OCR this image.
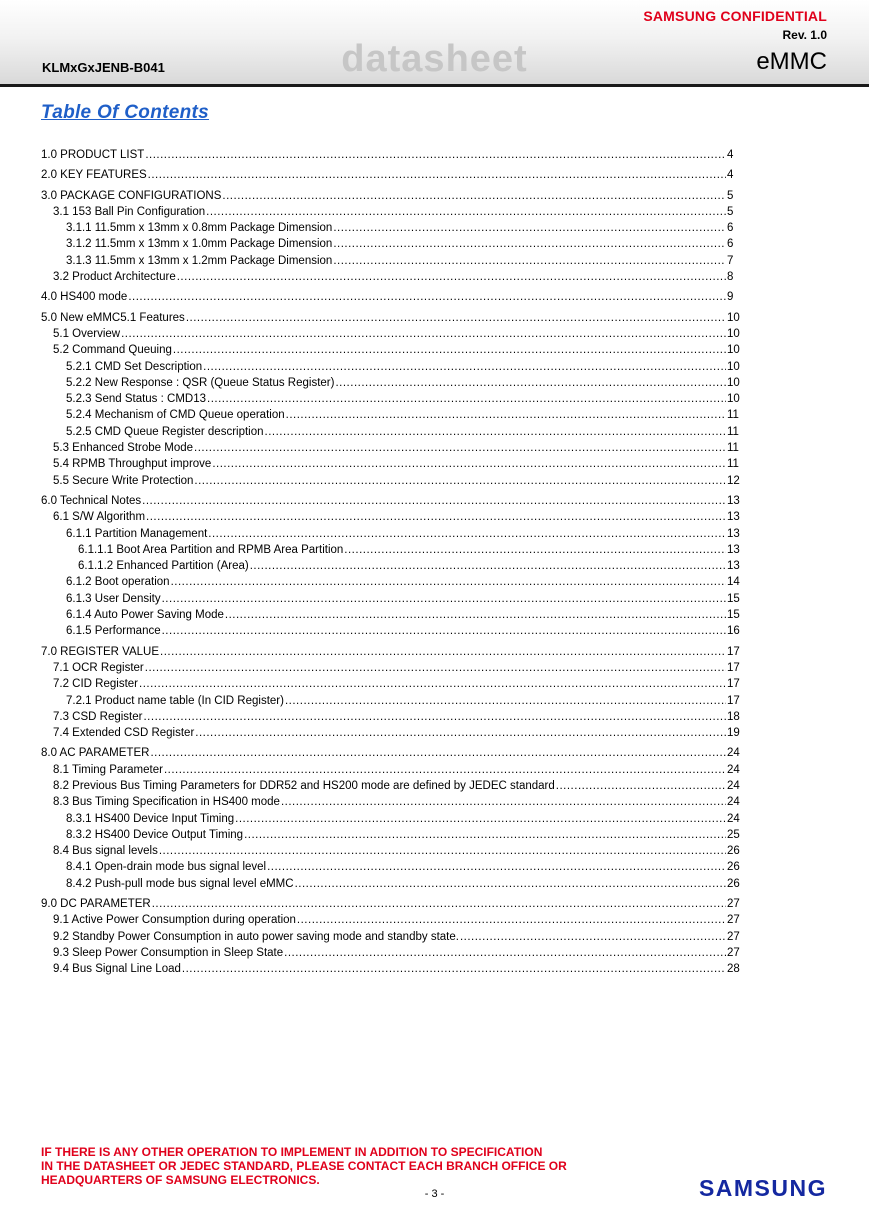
SAMSUNG CONFIDENTIAL
Rev. 1.0
KLMxGxJENB-B041	datasheet	eMMC
Table Of Contents
1.0 PRODUCT LIST .....	4
2.0 KEY FEATURES .....	4
3.0 PACKAGE CONFIGURATIONS .....	5
3.1 153 Ball Pin Configuration .....	5
3.1.1 11.5mm x 13mm x 0.8mm Package Dimension .....	6
3.1.2 11.5mm x 13mm x 1.0mm Package Dimension .....	6
3.1.3 11.5mm x 13mm x 1.2mm Package Dimension .....	7
3.2 Product Architecture .....	8
4.0 HS400 mode .....	9
5.0 New eMMC5.1 Features .....	10
5.1 Overview .....	10
5.2 Command Queuing .....	10
5.2.1 CMD Set Description .....	10
5.2.2 New Response : QSR (Queue Status Register) .....	10
5.2.3 Send Status : CMD13 .....	10
5.2.4 Mechanism of CMD Queue operation .....	11
5.2.5 CMD Queue Register description .....	11
5.3 Enhanced Strobe Mode .....	11
5.4 RPMB Throughput improve .....	11
5.5 Secure Write Protection .....	12
6.0 Technical Notes .....	13
6.1 S/W Algorithm .....	13
6.1.1 Partition Management .....	13
6.1.1.1 Boot Area Partition and RPMB Area Partition .....	13
6.1.1.2 Enhanced Partition (Area) .....	13
6.1.2 Boot operation .....	14
6.1.3 User Density .....	15
6.1.4 Auto Power Saving Mode .....	15
6.1.5 Performance .....	16
7.0 REGISTER VALUE .....	17
7.1 OCR Register .....	17
7.2 CID Register .....	17
7.2.1 Product name table (In CID Register) .....	17
7.3 CSD Register .....	18
7.4 Extended CSD Register .....	19
8.0 AC PARAMETER .....	24
8.1 Timing Parameter .....	24
8.2 Previous Bus Timing Parameters for DDR52 and HS200 mode are defined by JEDEC standard .....	24
8.3 Bus Timing Specification in HS400 mode .....	24
8.3.1 HS400 Device Input Timing .....	24
8.3.2 HS400 Device Output Timing .....	25
8.4 Bus signal levels .....	26
8.4.1 Open-drain mode bus signal level .....	26
8.4.2 Push-pull mode bus signal level eMMC .....	26
9.0 DC PARAMETER .....	27
9.1 Active Power Consumption during operation .....	27
9.2 Standby Power Consumption in auto power saving mode and standby state. .....	27
9.3 Sleep Power Consumption in Sleep State .....	27
9.4 Bus Signal Line Load .....	28
IF THERE IS ANY OTHER OPERATION TO IMPLEMENT IN ADDITION TO SPECIFICATION
IN THE DATASHEET OR JEDEC STANDARD, PLEASE CONTACT EACH BRANCH OFFICE OR
HEADQUARTERS OF SAMSUNG ELECTRONICS.
- 3 -	SAMSUNG
